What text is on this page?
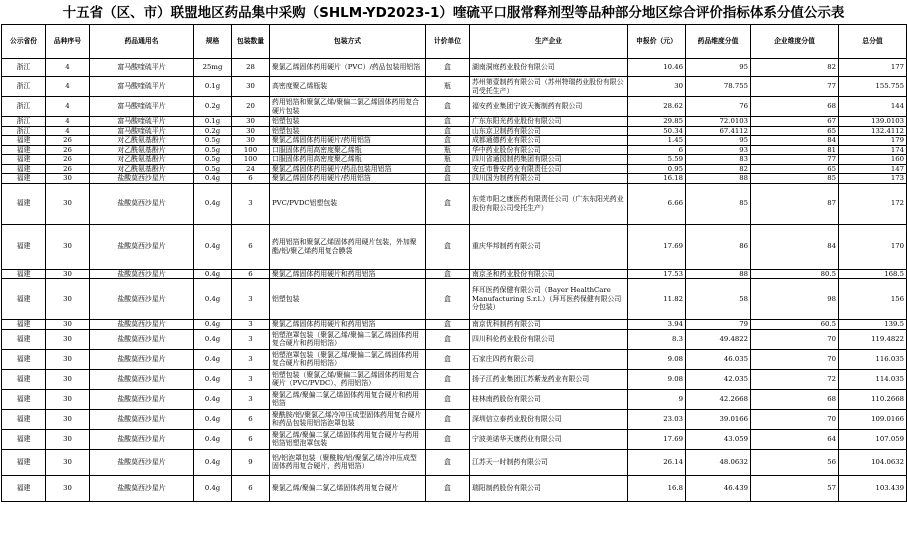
十五省（区、市）联盟地区药品集中采购（SHLM-YD2023-1）喹硫平口服常释剂型等品种部分地区综合评价指标体系分值公示表
公示省份	品种序号	药品通用名	规格	包装数量	包装方式	计价单位	生产企业	申报价（元）	药品维度分值	企业维度分值	总分值
浙江	4	富马酸喹硫平片	25mg	28	聚氯乙烯固体药用硬片（PVC）/药品包装用铝箔	盒	湖南洞庭药业股份有限公司	10.46	95	82	177
浙江	4	富马酸喹硫平片	0.1g	30	高密度聚乙烯瓶装	瓶	苏州第壹制药有限公司（苏州特瑞药业股份有限公司受托生产）	30	78.755	77	155.755
浙江	4	富马酸喹硫平片	0.2g	20	药用铝箔和聚氯乙烯/聚偏二氯乙烯固体药用复合硬片包装	盒	福安药业集团宁波天衡制药有限公司	28.62	76	68	144
浙江	4	富马酸喹硫平片	0.1g	30	铝塑包装	盒	广东东阳光药业股份有限公司	29.85	72.0103	67	139.0103
浙江	4	富马酸喹硫平片	0.2g	30	铝塑包装	盒	山东京卫制药有限公司	50.34	67.4112	65	132.4112
福建	26	对乙酰氨基酚片	0.5g	30	聚氯乙烯固体药用硬片/药用铝箔	盒	成都通德药业有限公司	1.45	95	84	179
福建	26	对乙酰氨基酚片	0.5g	100	口服固体药用高密度聚乙烯瓶	瓶	华中药业股份有限公司	6	93	81	174
福建	26	对乙酰氨基酚片	0.5g	100	口服固体药用高密度聚乙烯瓶	瓶	四川省通园制药集团有限公司	5.59	83	77	160
福建	26	对乙酰氨基酚片	0.5g	24	聚氯乙烯固体药用硬片/药品包装用铝箔	盒	安丘市鲁安药业有限责任公司	0.95	82	65	147
福建	30	盐酸莫西沙星片	0.4g	6	聚氯乙烯固体药用硬片/药用铝箔	盒	四川国为制药有限公司	16.18	88	85	173
福建	30	盐酸莫西沙星片	0.4g	3	PVC/PVDC铝塑包装	盒	东莞市阳之康医药有限责任公司（广东东阳光药业股份有限公司受托生产）	6.66	85	87	172
福建	30	盐酸莫西沙星片	0.4g	6	药用铝箔和聚氯乙烯固体药用硬片包装，外加聚酯/铝/聚乙烯药用复合膜袋	盒	重庆华邦制药有限公司	17.69	86	84	170
福建	30	盐酸莫西沙星片	0.4g	6	聚氯乙烯固体药用硬片和药用铝箔	盒	南京圣和药业股份有限公司	17.53	88	80.5	168.5
福建	30	盐酸莫西沙星片	0.4g	3	铝塑包装	盒	拜耳医药保健有限公司（Bayer HealthCare Manufacturing S.r.l.）（拜耳医药保健有限公司分包装）	11.82	58	98	156
福建	30	盐酸莫西沙星片	0.4g	3	聚氯乙烯固体药用硬片和药用铝箔	盒	南京优科制药有限公司	3.94	79	60.5	139.5
福建	30	盐酸莫西沙星片	0.4g	3	铝塑泡罩包装（聚氯乙烯/聚偏二氯乙烯固体药用复合硬片和药用铝箔）	盒	四川科伦药业股份有限公司	8.3	49.4822	70	119.4822
福建	30	盐酸莫西沙星片	0.4g	3	铝塑泡罩包装（聚氯乙烯/聚偏二氯乙烯固体药用复合硬片和药用铝箔）	盒	石家庄四药有限公司	9.08	46.035	70	116.035
福建	30	盐酸莫西沙星片	0.4g	3	铝塑包装（聚氯乙烯/聚偏二氯乙烯固体药用复合硬片（PVC/PVDC）、药用铝箔）	盒	扬子江药业集团江苏紫龙药业有限公司	9.08	42.035	72	114.035
福建	30	盐酸莫西沙星片	0.4g	3	聚氯乙烯/聚偏二氯乙烯固体药用复合硬片和药用铝箔	盒	桂林南药股份有限公司	9	42.2668	68	110.2668
福建	30	盐酸莫西沙星片	0.4g	6	聚酰胺/铝/聚氯乙烯冷冲压成型固体药用复合硬片和药品包装用铝箔泡罩包装	盒	深圳信立泰药业股份有限公司	23.03	39.0166	70	109.0166
福建	30	盐酸莫西沙星片	0.4g	6	聚氯乙烯/聚偏二氯乙烯固体药用复合硬片与药用铝箔铝塑泡罩包装	盒	宁波美诺华天康药业有限公司	17.69	43.059	64	107.059
福建	30	盐酸莫西沙星片	0.4g	9	铝/铝泡罩包装（聚酰胺/铝/聚氯乙烯冷冲压成型固体药用复合硬片，药用铝箔）	盒	江苏天一时制药有限公司	26.14	48.0632	56	104.0632
福建	30	盐酸莫西沙星片	0.4g	6	聚氯乙烯/聚偏二氯乙烯固体药用复合硬片	盒	瑞阳制药股份有限公司	16.8	46.439	57	103.439
